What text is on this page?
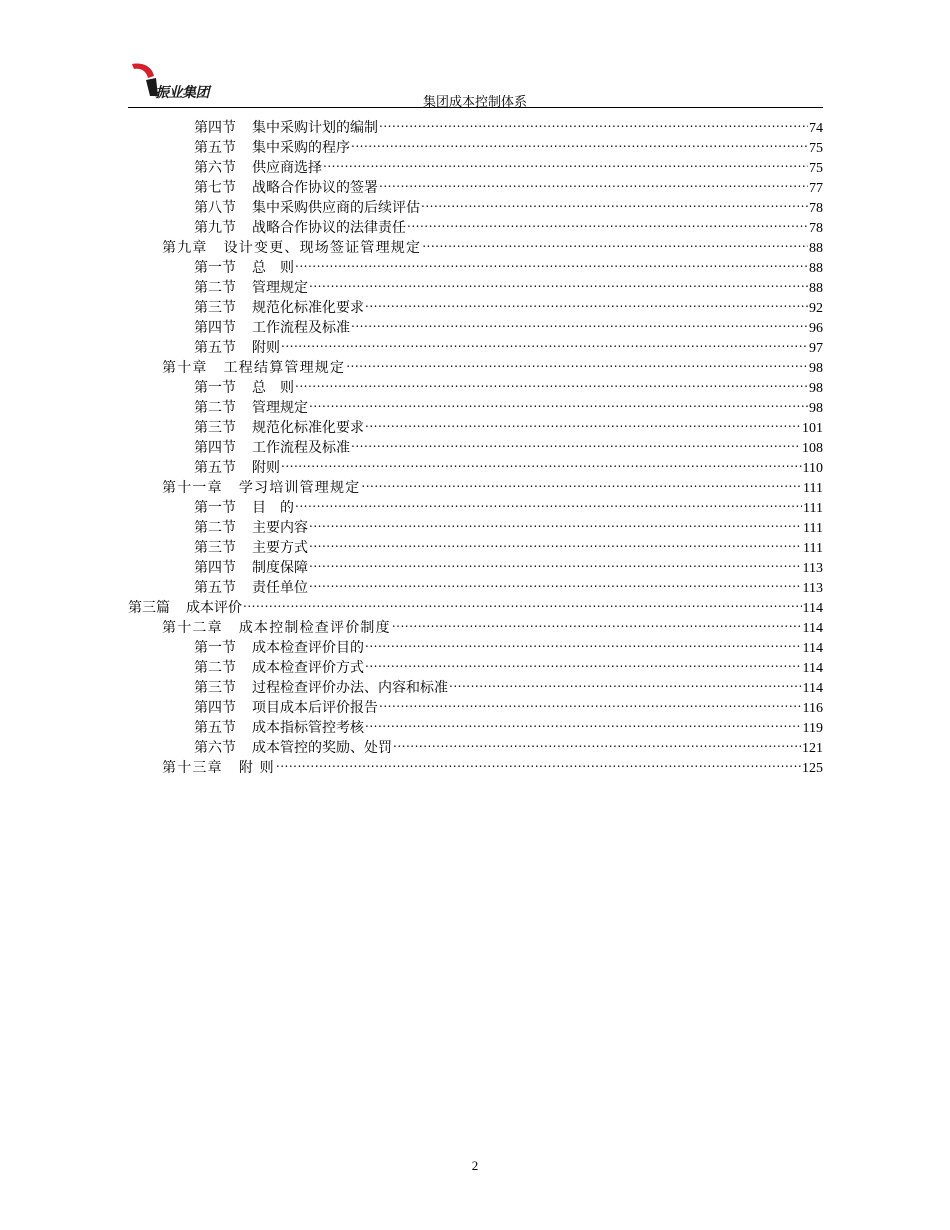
振业集团
集团成本控制体系
第四节 集中采购计划的编制 .....	74
第五节 集中采购的程序 .....	75
第六节 供应商选择 .....	75
第七节 战略合作协议的签署 .....	77
第八节 集中采购供应商的后续评估 .....	78
第九节 战略合作协议的法律责任 .....	78
第九章 设计变更、现场签证管理规定 .....	88
第一节 总　则 .....	88
第二节 管理规定 .....	88
第三节 规范化标准化要求 .....	92
第四节 工作流程及标准 .....	96
第五节 附则 .....	97
第十章 工程结算管理规定 .....	98
第一节 总　则 .....	98
第二节 管理规定 .....	98
第三节 规范化标准化要求 .....	101
第四节 工作流程及标准 .....	108
第五节 附则 .....	110
第十一章 学习培训管理规定 .....	111
第一节 目　的 .....	111
第二节 主要内容 .....	111
第三节 主要方式 .....	111
第四节 制度保障 .....	113
第五节 责任单位 .....	113
第三篇 成本评价 .....	114
第十二章 成本控制检查评价制度 .....	114
第一节 成本检查评价目的 .....	114
第二节 成本检查评价方式 .....	114
第三节 过程检查评价办法、内容和标准 .....	114
第四节 项目成本后评价报告 .....	116
第五节 成本指标管控考核 .....	119
第六节 成本管控的奖励、处罚 .....	121
第十三章 附 则 .....	125
2
